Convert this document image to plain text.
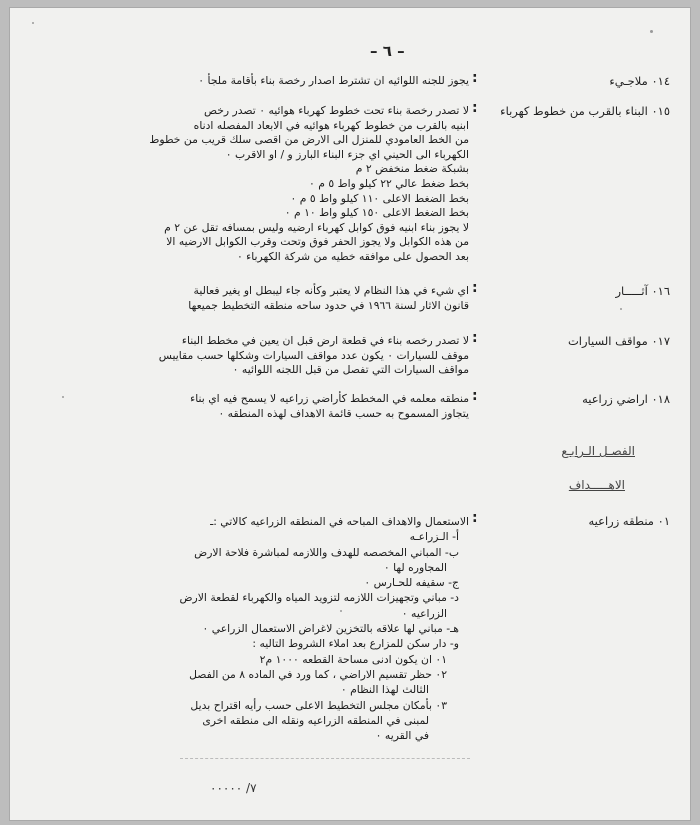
– ٦ –
٠١٤ ملاجـيء
:

يجوز للجنه اللوائيه ان تشترط اصدار رخصة بناء بأقامة ملجأ ٠

٠١٥ البناء بالقرب من خطوط كهرباء
:

لا تصدر رخصة بناء تحت خطوط كهرباء هوائيه ٠ تصدر رخص

ابنيه بالقرب من خطوط كهرباء هوائيه في الابعاد المفصله ادناه

من الخط العامودي للمنزل الى الارض من اقصى سلك قريب من خطوط

الكهرباء الى الحيني اي جزء البناء البارز و / او الاقرب ٠

بشبكة ضغط منخفض ٢ م

بخط ضغط عالي ٢٢ كيلو واط ٥ م ٠

بخط الضغط الاعلى ١١٠ كيلو واط ٥ م ٠

بخط الضغط الاعلى ١٥٠ كيلو واط ١٠ م ٠

لا يجوز بناء ابنيه فوق كوابل كهرباء ارضيه وليس بمسافه تقل عن ٢ م

من هذه الكوابل ولا يجوز الحفر فوق وتحت وقرب الكوابل الارضيه الا

بعد الحصول على موافقه خطيه من شركة الكهرباء ٠

٠١٦ آثـــــار
:

اي شيء في هذا النظام لا يعتبر وكأنه جاء ليبطل او يغير فعالية

قانون الاثار لسنة ١٩٦٦ في حدود ساحه منطقه التخطيط جميعها

٠١٧ مواقف السيارات
:

لا تصدر رخصه بناء في قطعة ارض قبل ان يعين في مخطط البناء

موقف للسيارات ٠ يكون عدد مواقف السيارات وشكلها حسب مقاييس

مواقف السيارات التي تفصل من قبل اللجنه اللوائيه ٠

٠١٨ اراضي زراعيه
:

منطقه معلمه في المخطط كأراضي زراعيه لا يسمح فيه اي بناء

يتجاوز المسموح به حسب قائمة الاهداف لهذه المنطقه ٠

الفصـل الـرابـع
الاهـــــداف
٠١ منطقه زراعيه
:

الاستعمال والاهداف المباحه في المنطقه الزراعيه كالاتي :ـ

أ‌- الـزراعـه

ب- المباني المخصصه للهدف واللازمه لمباشرة فلاحة الارض

المجاوره لها ٠

ج- سقيفه للحـارس ٠

د- مباني وتجهيزات اللازمه لتزويد المياه والكهرباء لقطعة الارض

الزراعيه ٠

هـ- مباني لها علاقه بالتخزين لاغراض الاستعمال الزراعي ٠

و- دار سكن للمزارع بعد املاء الشروط التاليه :

٠١ ان يكون ادنى مساحة القطعه ١٠٠٠ م٢

٠٢ حظر تقسيم الاراضي ، كما ورد في الماده ٨ من الفصل

الثالث لهذا النظام ٠

٠٣ بأمكان مجلس التخطيط الاعلى حسب رأيه اقتراح بديل

لمبنى في المنطقه الزراعيه ونقله الى منطقه اخرى

في القريه ٠

٧/ ٠٠٠٠٠
